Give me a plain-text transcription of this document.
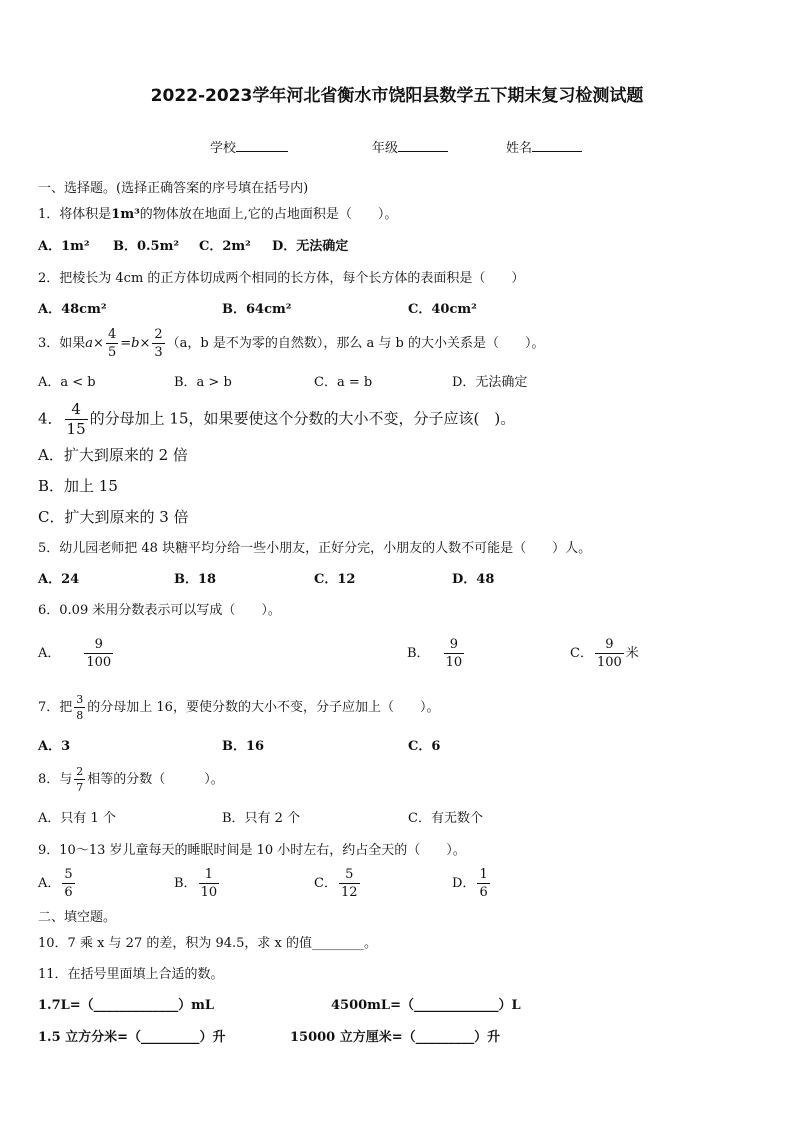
2022-2023学年河北省衡水市饶阳县数学五下期末复习检测试题
学校	年级	姓名
一、选择题。(选择正确答案的序号填在括号内)
1．将体积是1m³的物体放在地面上,它的占地面积是（　　）。
A．1m² B．0.5m² C．2m² D．无法确定
2．把棱长为 4cm 的正方体切成两个相同的长方体，每个长方体的表面积是（　　）
A．48cm²	B．64cm²	C．40cm²
3．如果$a\times \frac{4}{5} =b\times \frac{2}{3} (a$，b 是不为零的自然数），那么 a 与 b 的大小关系是（　　）。
A．a < b	B．a > b	C．a = b	D．无法确定
4． $\frac{4}{15}$ 的分母加上 15，如果要使这个分数的大小不变，分子应该(　)。
A．扩大到原来的 2 倍
B．加上 15
C．扩大到原来的 3 倍
5．幼儿园老师把 48 块糖平均分给一些小朋友，正好分完，小朋友的人数不可能是（　　）人。
A．24	B．18	C．12	D．48
6．0.09 米用分数表示可以写成（　　）。
A． $\frac{9}{100}$	B． $\frac{9}{10}$	C． $\frac{9}{100}$ 米
7．把 $\frac{3}{8}$ 的分母加上 16，要使分数的大小不变，分子应加上（　　）。
A．3	B．16	C．6
8．与 $\frac{2}{7}$ 相等的分数（　　　）。
A．只有 1 个	B．只有 2 个	C．有无数个
9．10～13 岁儿童每天的睡眠时间是 10 小时左右，约占全天的（　　）。
A． $\frac{5}{6}$	B． $\frac{1}{10}$	C． $\frac{5}{12}$	D． $\frac{1}{6}$
二、填空题。
10．7 乘 x 与 27 的差，积为 94.5，求 x 的值________。
11．在括号里面填上合适的数。
1.7L=（_____________）mL	4500mL=（_____________）L
1.5 立方分米=（_________）升	15000 立方厘米=（_________）升
